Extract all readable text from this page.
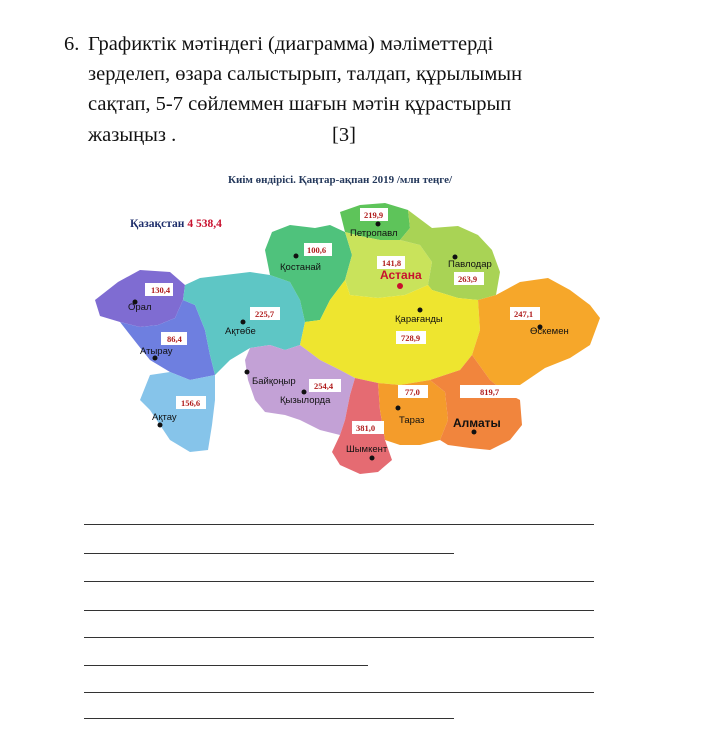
6. Графиктік мәтіндегі (диаграмма) мәліметтерді
зерделеп, өзара салыстырып, талдап, құрылымын
сақтап, 5-7 сөйлеммен шағын мәтін құрастырып
жазыңыз .	[3]
Киім өндірісі. Қаңтар-ақпан 2019 /млн теңге/
Қазақстан 4 538,4
219,9
100,6
141,8
263,9
130,4
86,4
225,7
728,9
247,1
156,6
254,4
77,0	819,7
381,0
Петропавл
Қостанай
Астана
Павлодар
Орал
Атырау
Ақтөбе
Қарағанды
Өскемен
Ақтау
Байқоңыр
Қызылорда
Тараз Алматы
Шымкент
